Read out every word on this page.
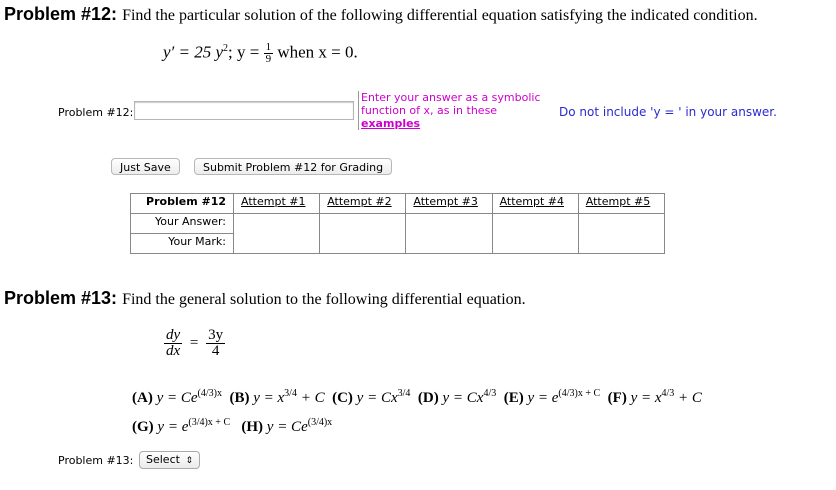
Problem #12: Find the particular solution of the following differential equation satisfying the indicated condition.
y′ = 25 $y^2$; $y = \frac{1}{9}$ when x = 0.
Problem #12:
Enter your answer as a symbolic
function of x, as in these
examples
Do not include 'y = ' in your answer.
Just Save	Submit Problem #12 for Grading
Problem #12	Attempt #1	Attempt #2	Attempt #3	Attempt #4	Attempt #5
Your Answer:					
Your Mark:					
Problem #13: Find the general solution to the following differential equation.
$\frac{dy}{dx} = \frac{3y}{4}$
(A) $y = Ce^{(4/3)x}$ (B) $y = x^{3/4} + C$ (C) $y = Cx^{3/4}$ (D) $y = Cx^{4/3}$ (E) $y = e^{(4/3)x + C}$ (F) $y = x^{4/3} + C$
(G) $y = e^{(3/4)x + C}$ (H) $y = Ce^{(3/4)x}$
Problem #13:	Select ⇕
